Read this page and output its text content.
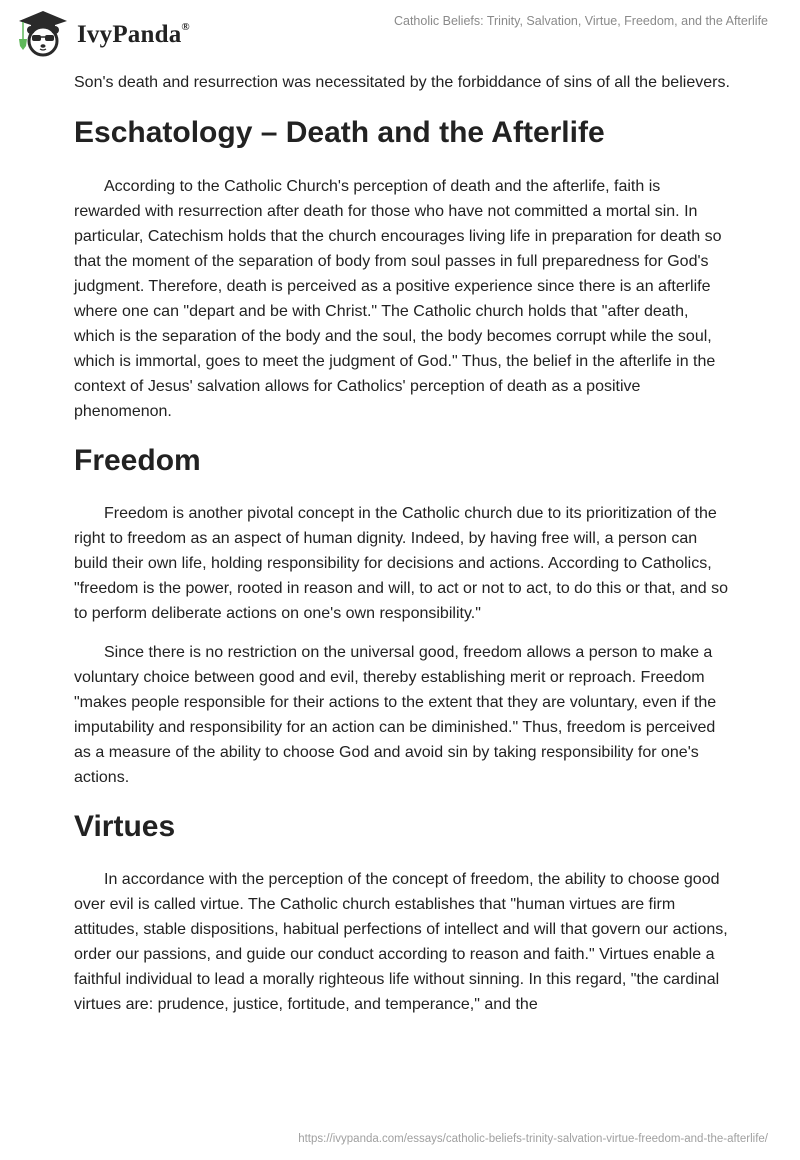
IvyPanda®	Catholic Beliefs: Trinity, Salvation, Virtue, Freedom, and the Afterlife

Son's death and resurrection was necessitated by the forbiddance of sins of all the believers.

Eschatology – Death and the Afterlife

According to the Catholic Church's perception of death and the afterlife, faith is rewarded with resurrection after death for those who have not committed a mortal sin. In particular, Catechism holds that the church encourages living life in preparation for death so that the moment of the separation of body from soul passes in full preparedness for God's judgment. Therefore, death is perceived as a positive experience since there is an afterlife where one can "depart and be with Christ." The Catholic church holds that "after death, which is the separation of the body and the soul, the body becomes corrupt while the soul, which is immortal, goes to meet the judgment of God." Thus, the belief in the afterlife in the context of Jesus' salvation allows for Catholics' perception of death as a positive phenomenon.

Freedom

Freedom is another pivotal concept in the Catholic church due to its prioritization of the right to freedom as an aspect of human dignity. Indeed, by having free will, a person can build their own life, holding responsibility for decisions and actions. According to Catholics, "freedom is the power, rooted in reason and will, to act or not to act, to do this or that, and so to perform deliberate actions on one's own responsibility."

Since there is no restriction on the universal good, freedom allows a person to make a voluntary choice between good and evil, thereby establishing merit or reproach. Freedom "makes people responsible for their actions to the extent that they are voluntary, even if the imputability and responsibility for an action can be diminished." Thus, freedom is perceived as a measure of the ability to choose God and avoid sin by taking responsibility for one's actions.

Virtues

In accordance with the perception of the concept of freedom, the ability to choose good over evil is called virtue. The Catholic church establishes that "human virtues are firm attitudes, stable dispositions, habitual perfections of intellect and will that govern our actions, order our passions, and guide our conduct according to reason and faith." Virtues enable a faithful individual to lead a morally righteous life without sinning. In this regard, "the cardinal virtues are: prudence, justice, fortitude, and temperance," and the

https://ivypanda.com/essays/catholic-beliefs-trinity-salvation-virtue-freedom-and-the-afterlife/
